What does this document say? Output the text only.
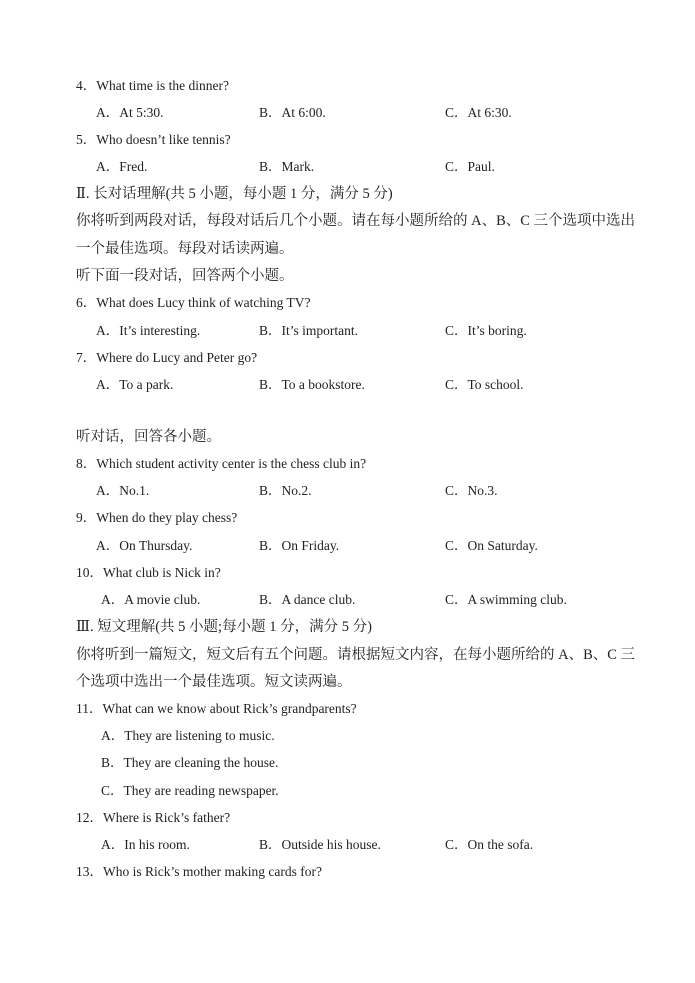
4．What time is the dinner?
A．At 5:30.	B．At 6:00.	C．At 6:30.
5．Who doesn’t like tennis?
A．Fred.	B．Mark.	C．Paul.
Ⅱ. 长对话理解(共 5 小题，每小题 1 分，满分 5 分)
你将听到两段对话，每段对话后几个小题。请在每小题所给的 A、B、C 三个选项中选出
一个最佳选项。每段对话读两遍。
听下面一段对话，回答两个小题。
6．What does Lucy think of watching TV?
A．It’s interesting.	B．It’s important.	C．It’s boring.
7．Where do Lucy and Peter go?
A．To a park.	B．To a bookstore.	C．To school.
听对话，回答各小题。
8．Which student activity center is the chess club in?
A．No.1.	B．No.2.	C．No.3.
9．When do they play chess?
A．On Thursday.	B．On Friday.	C．On Saturday.
10．What club is Nick in?
A．A movie club.	B．A dance club.	C．A swimming club.
Ⅲ. 短文理解(共 5 小题;每小题 1 分，满分 5 分)
你将听到一篇短文，短文后有五个问题。请根据短文内容，在每小题所给的 A、B、C 三
个选项中选出一个最佳选项。短文读两遍。
11．What can we know about Rick’s grandparents?
A．They are listening to music.
B．They are cleaning the house.
C．They are reading newspaper.
12．Where is Rick’s father?
A．In his room.	B．Outside his house.	C．On the sofa.
13．Who is Rick’s mother making cards for?
